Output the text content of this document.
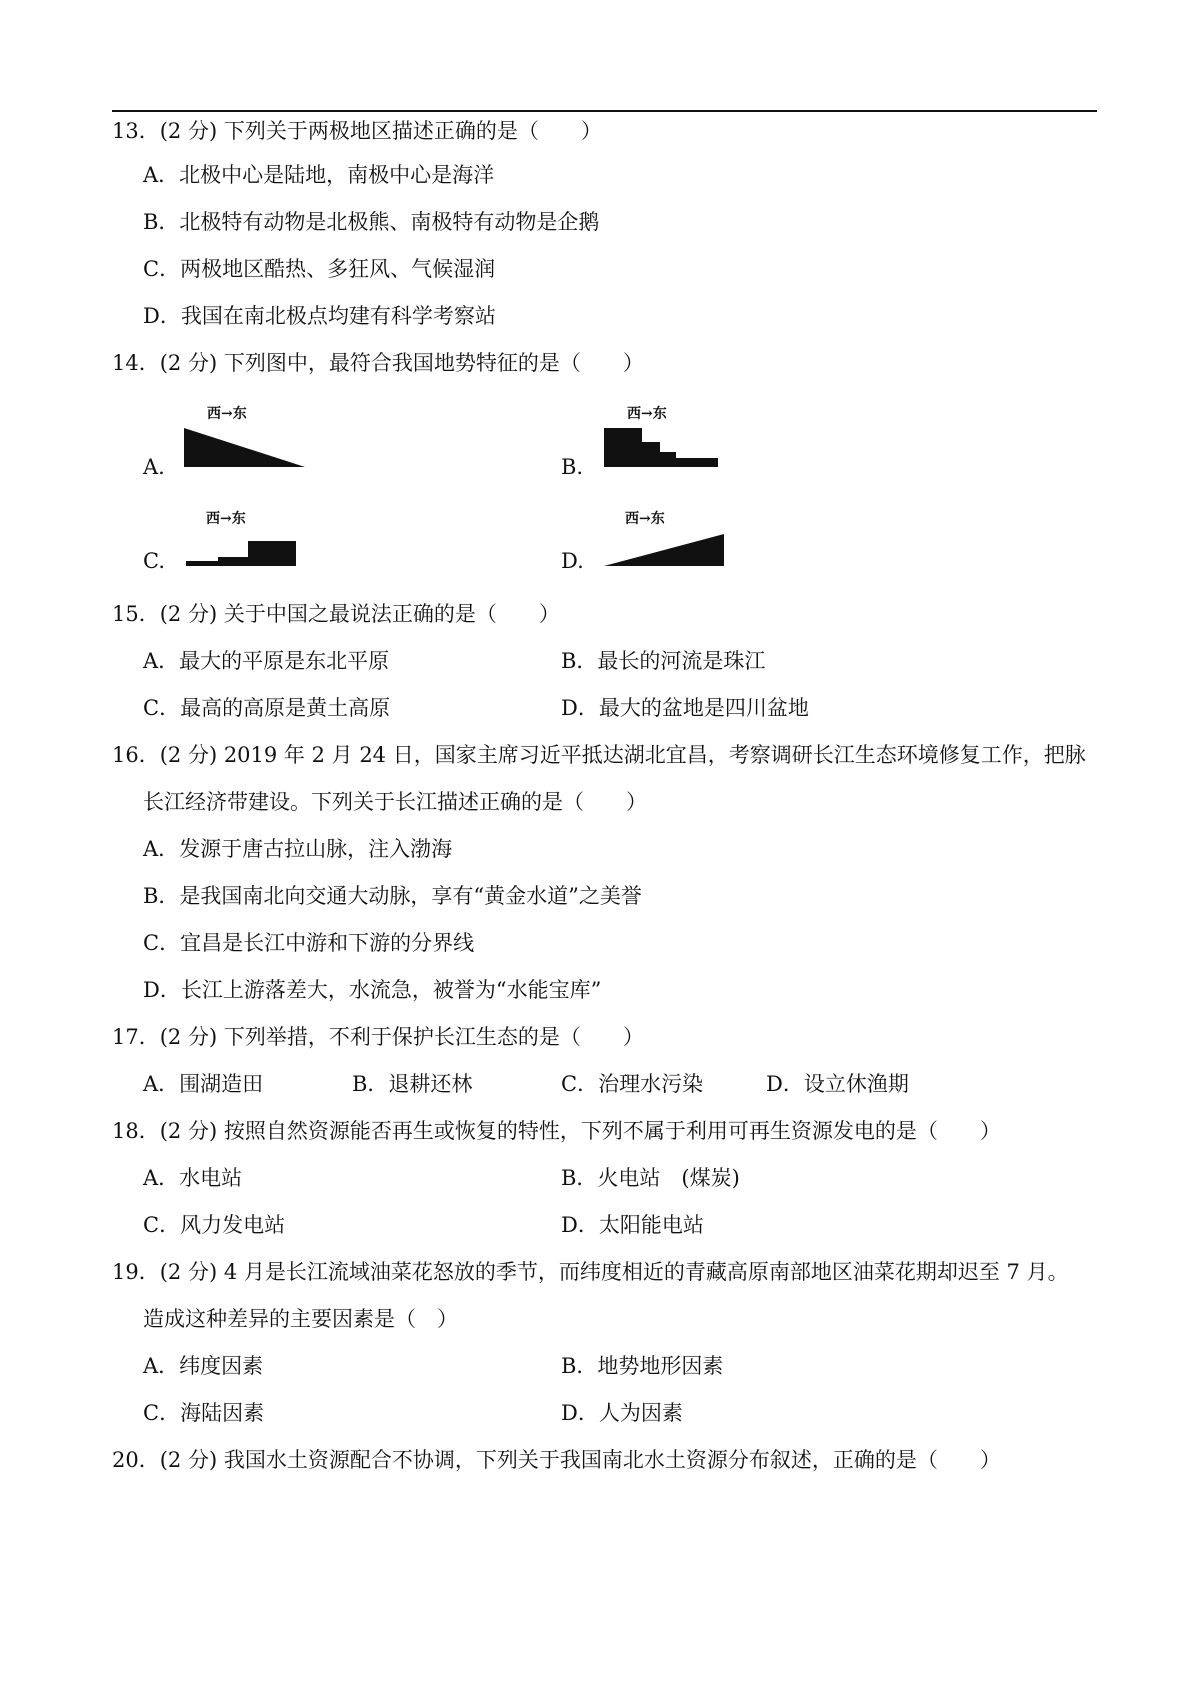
13．(2 分) 下列关于两极地区描述正确的是（　　）
A．北极中心是陆地，南极中心是海洋
B．北极特有动物是北极熊、南极特有动物是企鹅
C．两极地区酷热、多狂风、气候湿润
D．我国在南北极点均建有科学考察站
14．(2 分) 下列图中，最符合我国地势特征的是（　　）
A.
西→东
B.
西→东
C.
西→东
D.
西→东
15．(2 分) 关于中国之最说法正确的是（　　）
A．最大的平原是东北平原	B．最长的河流是珠江
C．最高的高原是黄土高原	D．最大的盆地是四川盆地
16．(2 分) 2019 年 2 月 24 日，国家主席习近平抵达湖北宜昌，考察调研长江生态环境修复工作，把脉
长江经济带建设。下列关于长江描述正确的是（　　）
A．发源于唐古拉山脉，注入渤海
B．是我国南北向交通大动脉，享有“黄金水道”之美誉
C．宜昌是长江中游和下游的分界线
D．长江上游落差大，水流急，被誉为“水能宝库”
17．(2 分) 下列举措，不利于保护长江生态的是（　　）
A．围湖造田	B．退耕还林	C．治理水污染	D．设立休渔期
18．(2 分) 按照自然资源能否再生或恢复的特性，下列不属于利用可再生资源发电的是（　　）
A．水电站	B．火电站　(煤炭)
C．风力发电站	D．太阳能电站
19．(2 分) 4 月是长江流域油菜花怒放的季节，而纬度相近的青藏高原南部地区油菜花期却迟至 7 月。
造成这种差异的主要因素是（　）
A．纬度因素	B．地势地形因素
C．海陆因素	D．人为因素
20．(2 分) 我国水土资源配合不协调，下列关于我国南北水土资源分布叙述，正确的是（　　）
